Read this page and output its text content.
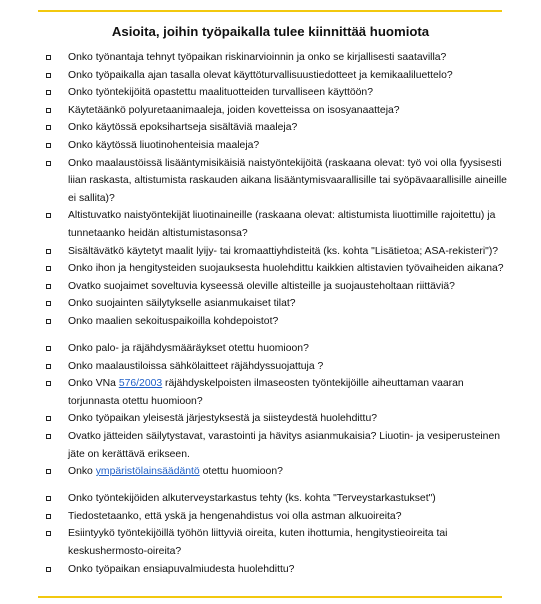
Asioita, joihin työpaikalla tulee kiinnittää huomiota
Onko työnantaja tehnyt työpaikan riskinarvioinnin ja onko se kirjallisesti saatavilla?
Onko työpaikalla ajan tasalla olevat käyttöturvallisuustiedotteet ja kemikaaliluettelo?
Onko työntekijöitä opastettu maalituotteiden turvalliseen käyttöön?
Käytetäänkö polyuretaanimaaleja, joiden kovetteissa on isosyanaatteja?
Onko käytössä epoksihartseja sisältäviä maaleja?
Onko käytössä liuotinohenteisia maaleja?
Onko maalaustöissä lisääntymisikäisiä naistyöntekijöitä (raskaana olevat: työ voi olla fyysisesti liian raskasta, altistumista raskauden aikana lisääntymisvaarallisille tai syöpävaarallisille aineille ei sallita)?
Altistuvatko naistyöntekijät liuotinaineille (raskaana olevat: altistumista liuottimille rajoitettu) ja tunnetaanko heidän altistumistasonsa?
Sisältävätkö käytetyt maalit lyijy- tai kromaattiyhdisteitä (ks. kohta "Lisätietoa; ASA-rekisteri")?
Onko ihon ja hengitysteiden suojauksesta huolehdittu kaikkien altistavien työvaiheiden aikana?
Ovatko suojaimet soveltuvia kyseessä oleville altisteille ja suojausteholtaan riittäviä?
Onko suojainten säilytykselle asianmukaiset tilat?
Onko maalien sekoituspaikoilla kohdepoistot?
Onko palo- ja räjähdysmääräykset otettu huomioon?
Onko maalaustiloissa sähkölaitteet räjähdyssuojattuja ?
Onko VNa 576/2003 räjähdyskelpoisten ilmaseosten työntekijöille aiheuttaman vaaran torjunnasta otettu huomioon?
Onko työpaikan yleisestä järjestyksestä ja siisteydestä huolehdittu?
Ovatko jätteiden säilytystavat, varastointi ja hävitys asianmukaisia? Liuotin- ja vesiperusteinen jäte on kerättävä erikseen.
Onko ympäristölainsäädäntö otettu huomioon?
Onko työntekijöiden alkuterveystarkastus tehty (ks. kohta "Terveystarkastukset")
Tiedostetaanko, että yskä ja hengenahdistus voi olla astman alkuoireita?
Esiintyykö työntekijöillä työhön liittyviä oireita, kuten ihottumia, hengitystieoireita tai keskushermosto-oireita?
Onko työpaikan ensiapuvalmiudesta huolehdittu?
